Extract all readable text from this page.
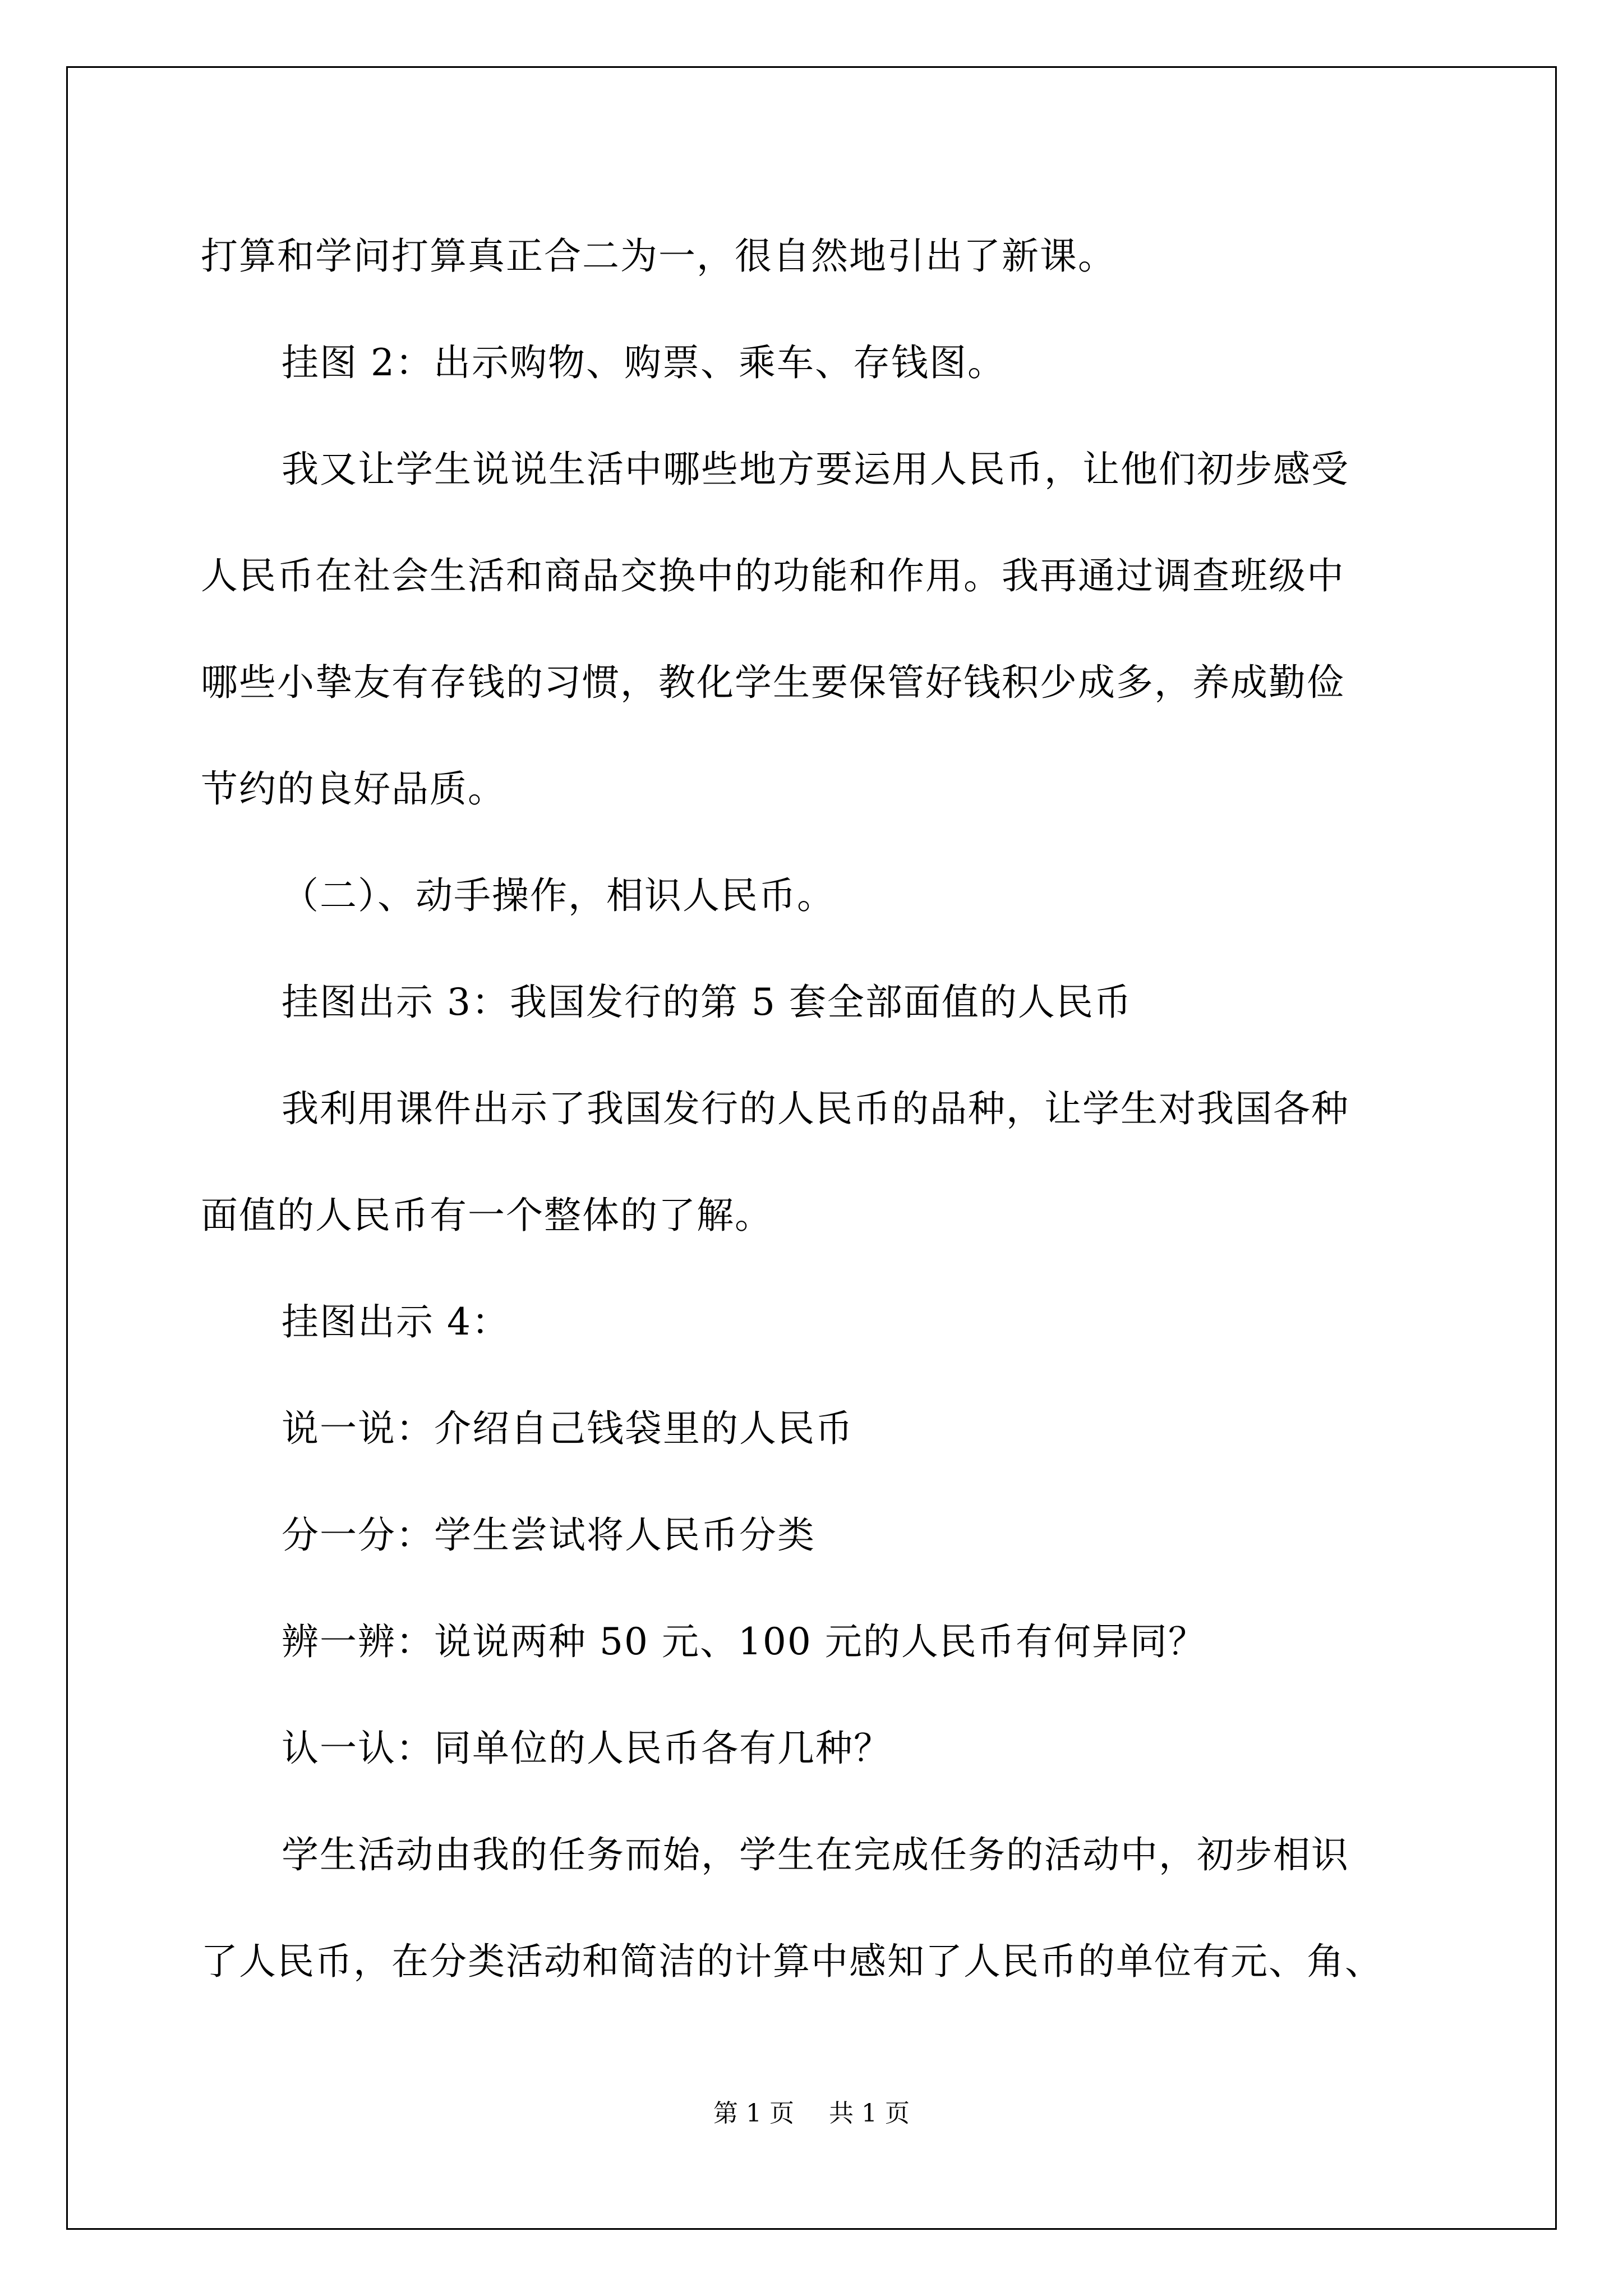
打算和学问打算真正合二为一，很自然地引出了新课。

挂图 2：出示购物、购票、乘车、存钱图。

我又让学生说说生活中哪些地方要运用人民币，让他们初步感受

人民币在社会生活和商品交换中的功能和作用。我再通过调查班级中

哪些小挚友有存钱的习惯，教化学生要保管好钱积少成多，养成勤俭

节约的良好品质。

（二）、动手操作，相识人民币。

挂图出示 3：我国发行的第 5 套全部面值的人民币

我利用课件出示了我国发行的人民币的品种，让学生对我国各种

面值的人民币有一个整体的了解。

挂图出示 4：

说一说：介绍自己钱袋里的人民币

分一分：学生尝试将人民币分类

辨一辨：说说两种 50 元、100 元的人民币有何异同？

认一认：同单位的人民币各有几种？

学生活动由我的任务而始，学生在完成任务的活动中，初步相识

了人民币，在分类活动和简洁的计算中感知了人民币的单位有元、角、

第 1 页 共 1 页
